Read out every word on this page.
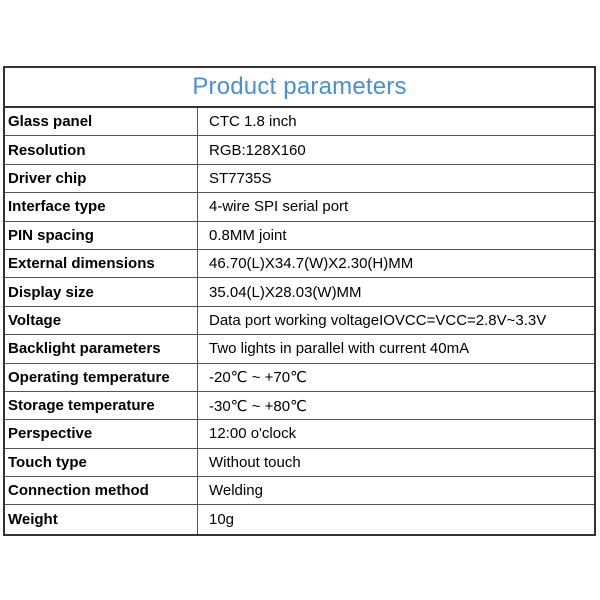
Product parameters
Glass panel	CTC 1.8 inch
Resolution	RGB:128X160
Driver chip	ST7735S
Interface type	4-wire SPI serial port
PIN spacing	0.8MM joint
External dimensions	46.70(L)X34.7(W)X2.30(H)MM
Display size	35.04(L)X28.03(W)MM
Voltage	Data port working voltageIOVCC=VCC=2.8V~3.3V
Backlight parameters	Two lights in parallel with current 40mA
Operating temperature	-20℃ ~ +70℃
Storage temperature	-30℃ ~ +80℃
Perspective	12:00 o'clock
Touch type	Without touch
Connection method	Welding
Weight	10g
